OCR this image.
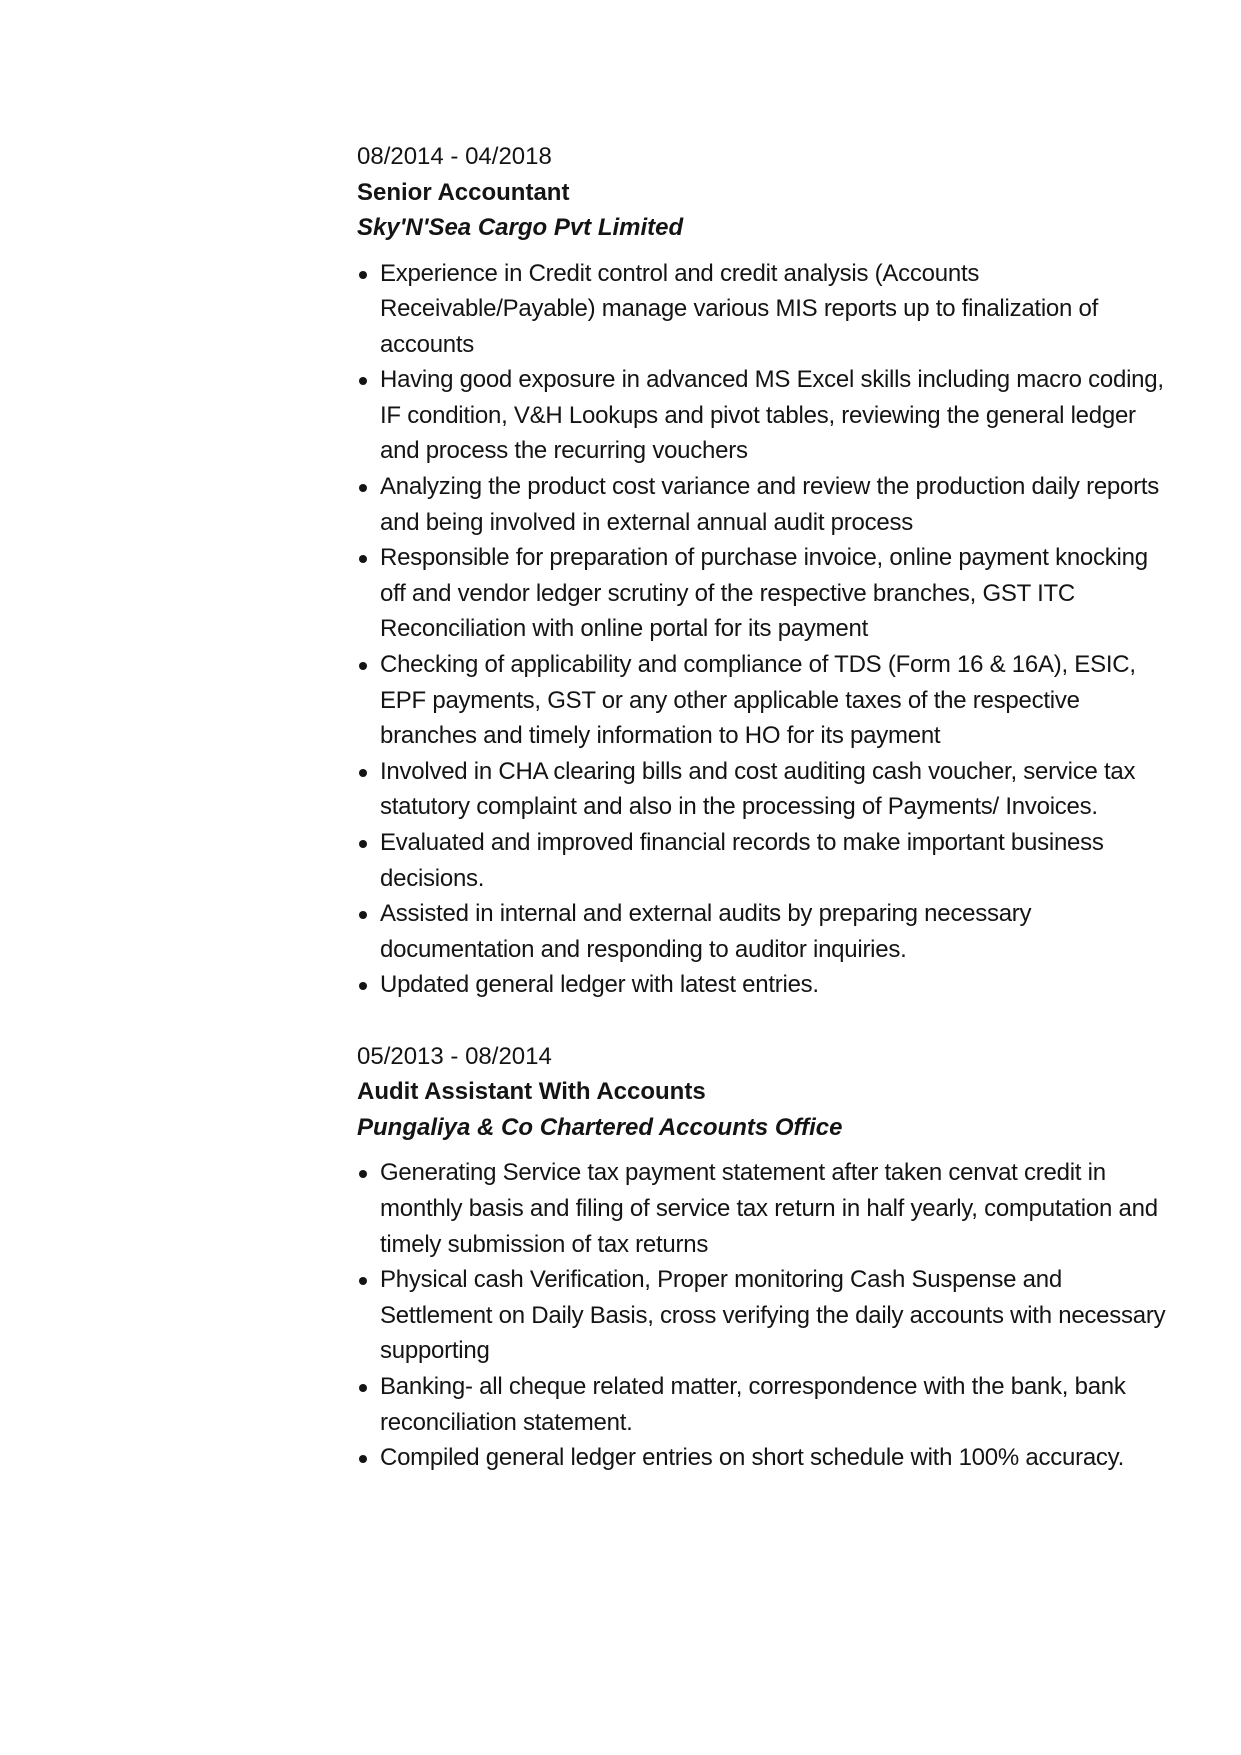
08/2014 - 04/2018

Senior Accountant

Sky'N'Sea Cargo Pvt Limited

Experience in Credit control and credit analysis (Accounts Receivable/Payable) manage various MIS reports up to finalization of accounts
Having good exposure in advanced MS Excel skills including macro coding, IF condition, V&H Lookups and pivot tables, reviewing the general ledger and process the recurring vouchers
Analyzing the product cost variance and review the production daily reports and being involved in external annual audit process
Responsible for preparation of purchase invoice, online payment knocking off and vendor ledger scrutiny of the respective branches, GST ITC Reconciliation with online portal for its payment
Checking of applicability and compliance of TDS (Form 16 & 16A), ESIC, EPF payments, GST or any other applicable taxes of the respective branches and timely information to HO for its payment
Involved in CHA clearing bills and cost auditing cash voucher, service tax statutory complaint and also in the processing of Payments/ Invoices.
Evaluated and improved financial records to make important business decisions.
Assisted in internal and external audits by preparing necessary documentation and responding to auditor inquiries.
Updated general ledger with latest entries.

05/2013 - 08/2014

Audit Assistant With Accounts

Pungaliya & Co Chartered Accounts Office

Generating Service tax payment statement after taken cenvat credit in monthly basis and filing of service tax return in half yearly, computation and timely submission of tax returns
Physical cash Verification, Proper monitoring Cash Suspense and Settlement on Daily Basis, cross verifying the daily accounts with necessary supporting
Banking- all cheque related matter, correspondence with the bank, bank reconciliation statement.
Compiled general ledger entries on short schedule with 100% accuracy.
